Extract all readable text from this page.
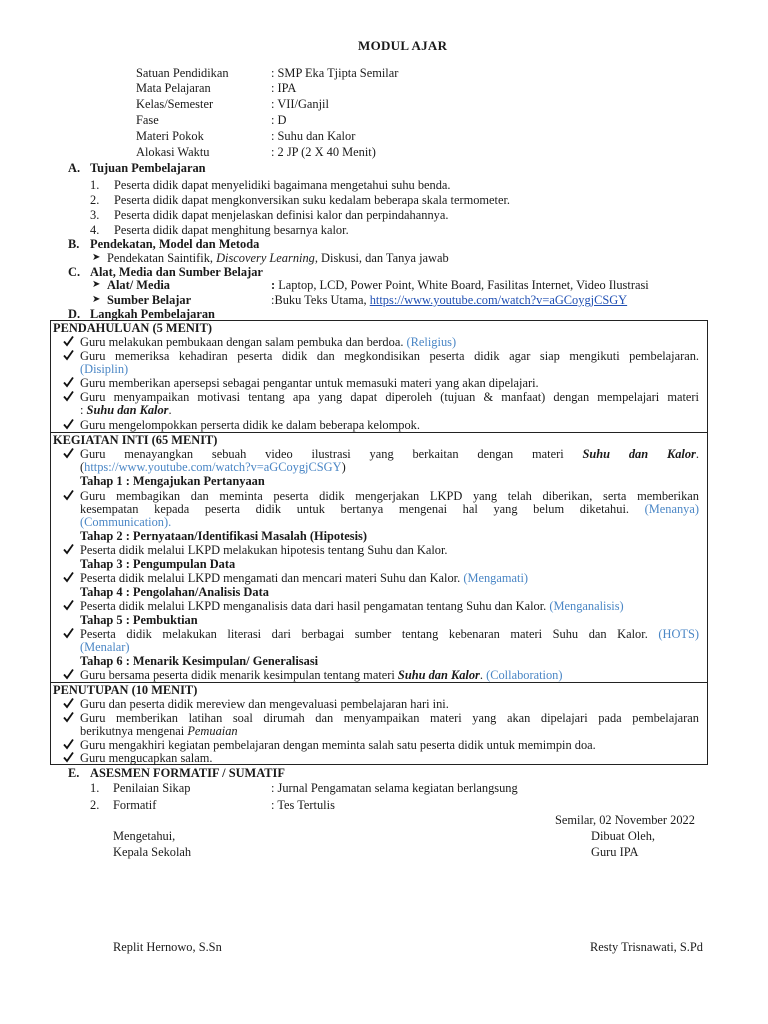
MODUL AJAR
Satuan Pendidikan	: SMP Eka Tjipta Semilar
Mata Pelajaran	: IPA
Kelas/Semester	: VII/Ganjil
Fase	: D
Materi Pokok	: Suhu dan Kalor
Alokasi Waktu	: 2 JP (2 X 40 Menit)
A. Tujuan Pembelajaran
1. Peserta didik dapat menyelidiki bagaimana mengetahui suhu benda.
2. Peserta didik dapat mengkonversikan suku kedalam beberapa skala termometer.
3. Peserta didik dapat menjelaskan definisi kalor dan perpindahannya.
4. Peserta didik dapat menghitung besarnya kalor.
B. Pendekatan, Model dan Metoda
➤ Pendekatan Saintifik, Discovery Learning, Diskusi, dan Tanya jawab
C. Alat, Media dan Sumber Belajar
➤ Alat/ Media	: Laptop, LCD, Power Point, White Board, Fasilitas Internet, Video Ilustrasi
➤ Sumber Belajar	:Buku Teks Utama, https://www.youtube.com/watch?v=aGCoygjCSGY
D. Langkah Pembelajaran
PENDAHULUAN (5 MENIT)
Guru melakukan pembukaan dengan salam pembuka dan berdoa. (Religius)
Guru memeriksa kehadiran peserta didik dan megkondisikan peserta didik agar siap mengikuti pembelajaran.
(Disiplin)
Guru memberikan apersepsi sebagai pengantar untuk memasuki materi yang akan dipelajari.
Guru menyampaikan motivasi tentang apa yang dapat diperoleh (tujuan & manfaat) dengan mempelajari materi
: Suhu dan Kalor.
Guru mengelompokkan perserta didik ke dalam beberapa kelompok.
KEGIATAN INTI (65 MENIT)
Guru menayangkan sebuah video ilustrasi yang berkaitan dengan materi Suhu dan Kalor.
(https://www.youtube.com/watch?v=aGCoygjCSGY)
Tahap 1 : Mengajukan Pertanyaan
Guru membagikan dan meminta peserta didik mengerjakan LKPD yang telah diberikan, serta memberikan
kesempatan kepada peserta didik untuk bertanya mengenai hal yang belum diketahui. (Menanya)
(Communication).
Tahap 2 : Pernyataan/Identifikasi Masalah (Hipotesis)
Peserta didik melalui LKPD melakukan hipotesis tentang Suhu dan Kalor.
Tahap 3 : Pengumpulan Data
Peserta didik melalui LKPD mengamati dan mencari materi Suhu dan Kalor. (Mengamati)
Tahap 4 : Pengolahan/Analisis Data
Peserta didik melalui LKPD menganalisis data dari hasil pengamatan tentang Suhu dan Kalor. (Menganalisis)
Tahap 5 : Pembuktian
Peserta didik melakukan literasi dari berbagai sumber tentang kebenaran materi Suhu dan Kalor. (HOTS)
(Menalar)
Tahap 6 : Menarik Kesimpulan/ Generalisasi
Guru bersama peserta didik menarik kesimpulan tentang materi Suhu dan Kalor. (Collaboration)
PENUTUPAN (10 MENIT)
Guru dan peserta didik mereview dan mengevaluasi pembelajaran hari ini.
Guru memberikan latihan soal dirumah dan menyampaikan materi yang akan dipelajari pada pembelajaran
berikutnya mengenai Pemuaian
Guru mengakhiri kegiatan pembelajaran dengan meminta salah satu peserta didik untuk memimpin doa.
Guru mengucapkan salam.
E. ASESMEN FORMATIF / SUMATIF
1. Penilaian Sikap	: Jurnal Pengamatan selama kegiatan berlangsung
2. Formatif	: Tes Tertulis
Semilar, 02 November 2022
Mengetahui,
Kepala Sekolah
Dibuat Oleh,
Guru IPA
Replit Hernowo, S.Sn	Resty Trisnawati, S.Pd
